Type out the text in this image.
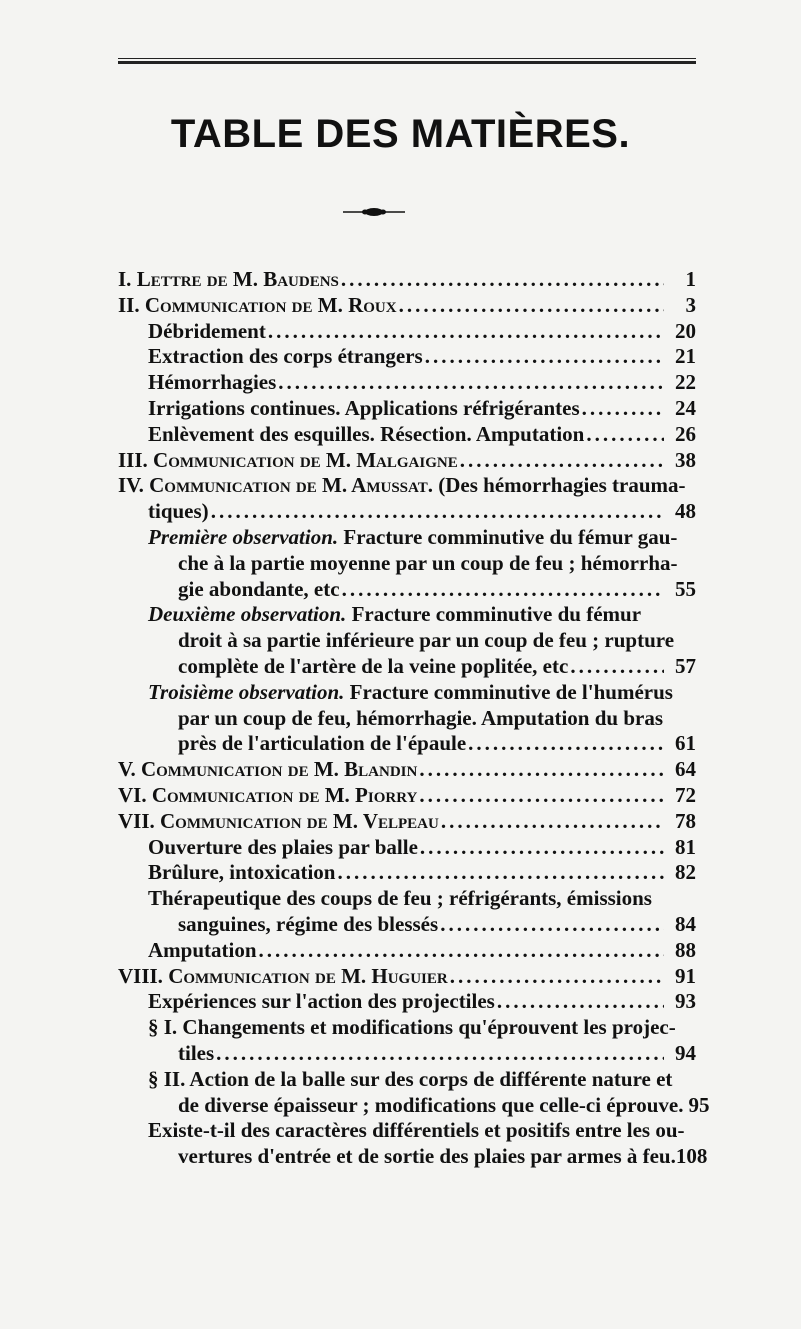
TABLE DES MATIÈRES.
I. Lettre de M. Baudens .....	1
II. Communication de M. Roux .....	3
Débridement .....	20
Extraction des corps étrangers .....	21
Hémorrhagies .....	22
Irrigations continues. Applications réfrigérantes .....	24
Enlèvement des esquilles. Résection. Amputation .....	26
III. Communication de M. Malgaigne .....	38
IV. Communication de M. Amussat. (Des hémorrhagies trauma-
tiques) .....	48
Première observation. Fracture comminutive du fémur gau-
che à la partie moyenne par un coup de feu ; hémorrha-
gie abondante, etc .....	55
Deuxième observation. Fracture comminutive du fémur
droit à sa partie inférieure par un coup de feu ; rupture
complète de l'artère de la veine poplitée, etc .....	57
Troisième observation. Fracture comminutive de l'humérus
par un coup de feu, hémorrhagie. Amputation du bras
près de l'articulation de l'épaule .....	61
V. Communication de M. Blandin .....	64
VI. Communication de M. Piorry .....	72
VII. Communication de M. Velpeau .....	78
Ouverture des plaies par balle .....	81
Brûlure, intoxication .....	82
Thérapeutique des coups de feu ; réfrigérants, émissions
sanguines, régime des blessés .....	84
Amputation .....	88
VIII. Communication de M. Huguier .....	91
Expériences sur l'action des projectiles .....	93
§ I. Changements et modifications qu'éprouvent les projec-
tiles .....	94
§ II. Action de la balle sur des corps de différente nature et
de diverse épaisseur ; modifications que celle-ci éprouve. 95
Existe-t-il des caractères différentiels et positifs entre les ou-
vertures d'entrée et de sortie des plaies par armes à feu. 108
